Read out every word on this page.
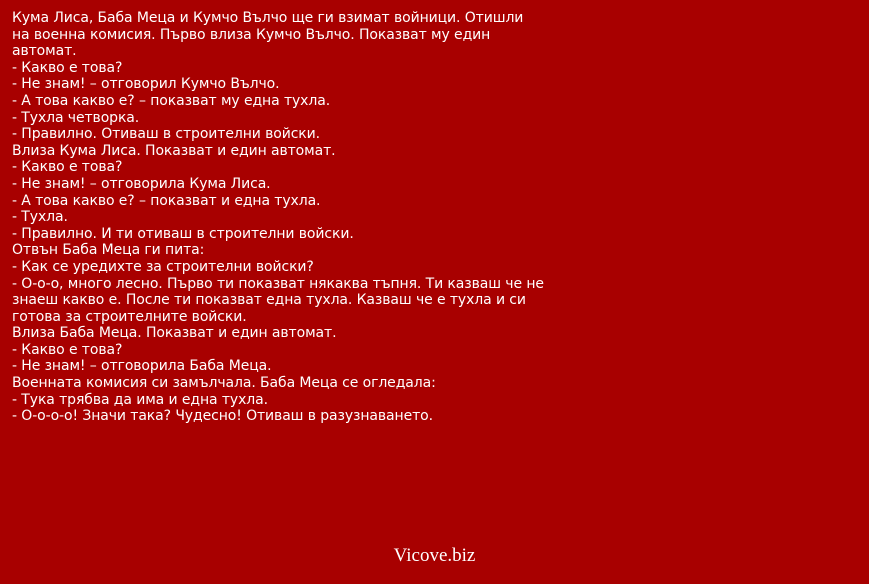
Кума Лиса, Баба Меца и Кумчо Вълчо ще ги взимат войници. Отишли
на военна комисия. Първо влиза Кумчо Вълчо. Показват му един
автомат.
- Какво е това?
- Не знам! – отговорил Кумчо Вълчо.
- А това какво е? – показват му една тухла.
- Тухла четворка.
- Правилно. Отиваш в строителни войски.
Влиза Кума Лиса. Показват и един автомат.
- Какво е това?
- Не знам! – отговорила Кума Лиса.
- А това какво е? – показват и една тухла.
- Тухла.
- Правилно. И ти отиваш в строителни войски.
Отвън Баба Меца ги пита:
- Как се уредихте за строителни войски?
- О-о-о, много лесно. Първо ти показват някаква тъпня. Ти казваш че не
знаеш какво е. После ти показват една тухла. Казваш че е тухла и си
готова за строителните войски.
Влиза Баба Меца. Показват и един автомат.
- Какво е това?
- Не знам! – отговорила Баба Меца.
Военната комисия си замълчала. Баба Меца се огледала:
- Тука трябва да има и една тухла.
- О-о-о-о! Значи така? Чудесно! Отиваш в разузнаването.
Vicove.biz
